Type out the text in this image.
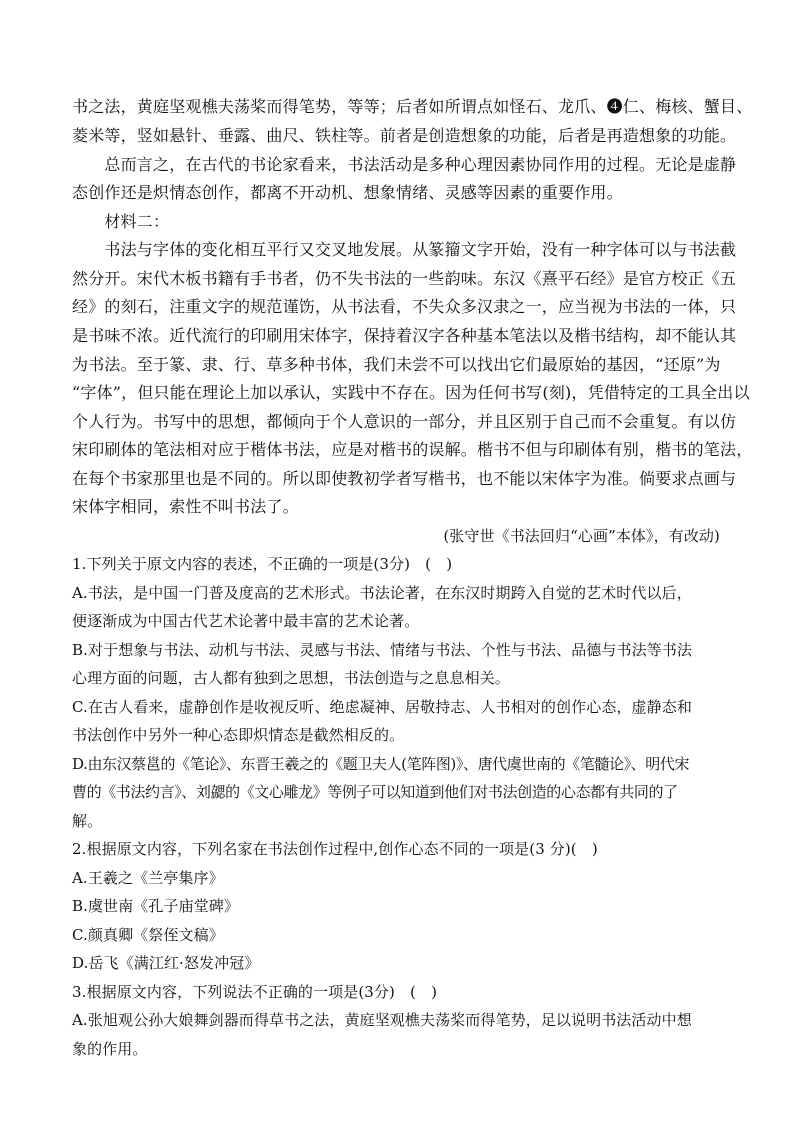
书之法，黄庭坚观樵夫荡桨而得笔势，等等；后者如所谓点如怪石、龙爪、❹仁、梅核、蟹目、
菱米等，竖如悬针、垂露、曲尺、铁柱等。前者是创造想象的功能，后者是再造想象的功能。
　　总而言之，在古代的书论家看来，书法活动是多种心理因素协同作用的过程。无论是虚静
态创作还是炽情态创作，都离不开动机、想象情绪、灵感等因素的重要作用。
　　材料二：
　　书法与字体的变化相互平行又交叉地发展。从篆籀文字开始，没有一种字体可以与书法截
然分开。宋代木板书籍有手书者，仍不失书法的一些韵味。东汉《熹平石经》是官方校正《五
经》的刻石，注重文字的规范谨饬，从书法看，不失众多汉隶之一，应当视为书法的一体，只
是书味不浓。近代流行的印刷用宋体字，保持着汉字各种基本笔法以及楷书结构，却不能认其
为书法。至于篆、隶、行、草多种书体，我们未尝不可以找出它们最原始的基因，“还原”为
“字体”，但只能在理论上加以承认，实践中不存在。因为任何书写(刻)，凭借特定的工具全出以
个人行为。书写中的思想，都倾向于个人意识的一部分，并且区别于自己而不会重复。有以仿
宋印刷体的笔法相对应于楷体书法，应是对楷书的误解。楷书不但与印刷体有别，楷书的笔法，
在每个书家那里也是不同的。所以即使教初学者写楷书，也不能以宋体字为准。倘要求点画与
宋体字相同，索性不叫书法了。
(张守世《书法回归“心画”本体》，有改动)
1.下列关于原文内容的表述，不正确的一项是(3分)　(　)
A.书法，是中国一门普及度高的艺术形式。书法论著，在东汉时期跨入自觉的艺术时代以后，
便逐渐成为中国古代艺术论著中最丰富的艺术论著。
B.对于想象与书法、动机与书法、灵感与书法、情绪与书法、个性与书法、品德与书法等书法
心理方面的问题，古人都有独到之思想，书法创造与之息息相关。
C.在古人看来，虚静创作是收视反听、绝虑凝神、居敬持志、人书相对的创作心态，虚静态和
书法创作中另外一种心态即炽情态是截然相反的。
D.由东汉蔡邕的《笔论》、东晋王羲之的《题卫夫人(笔阵图)》、唐代虞世南的《笔髓论》、明代宋
曹的《书法约言》、刘勰的《文心雕龙》等例子可以知道到他们对书法创造的心态都有共同的了
解。
2.根据原文内容，下列名家在书法创作过程中,创作心态不同的一项是(3 分)(　)
A.王羲之《兰亭集序》
B.虞世南《孔子庙堂碑》
C.颜真卿《祭侄文稿》
D.岳飞《满江红·怒发冲冠》
3.根据原文内容，下列说法不正确的一项是(3分)　(　)
A.张旭观公孙大娘舞剑器而得草书之法，黄庭坚观樵夫荡桨而得笔势，足以说明书法活动中想
象的作用。
